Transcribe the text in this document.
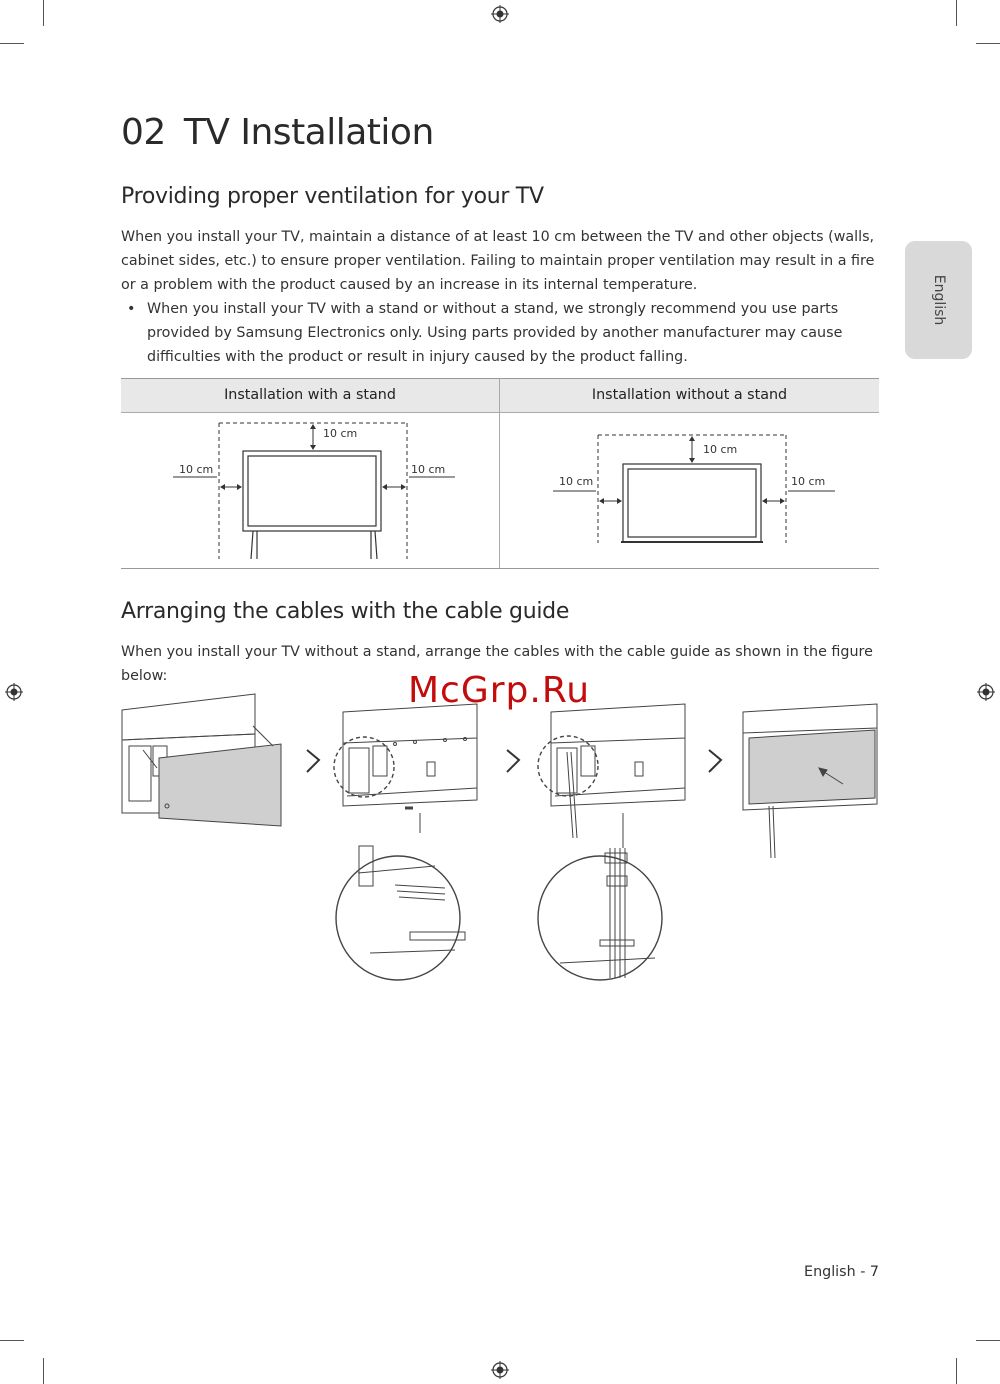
English
02 TV Installation
Providing proper ventilation for your TV

When you install your TV, maintain a distance of at least 10 cm between the TV and other objects (walls, cabinet sides, etc.) to ensure proper ventilation. Failing to maintain proper ventilation may result in a fire or a problem with the product caused by an increase in its internal temperature.

• When you install your TV with a stand or without a stand, we strongly recommend you use parts provided by Samsung Electronics only. Using parts provided by another manufacturer may cause difficulties with the product or result in injury caused by the product falling.
Installation with a stand	Installation without a stand
10 cm
10 cm	10 cm
10 cm
10 cm	10 cm
Arranging the cables with the cable guide

When you install your TV without a stand, arrange the cables with the cable guide as shown in the figure below:	McGrp.Ru
English - 7
